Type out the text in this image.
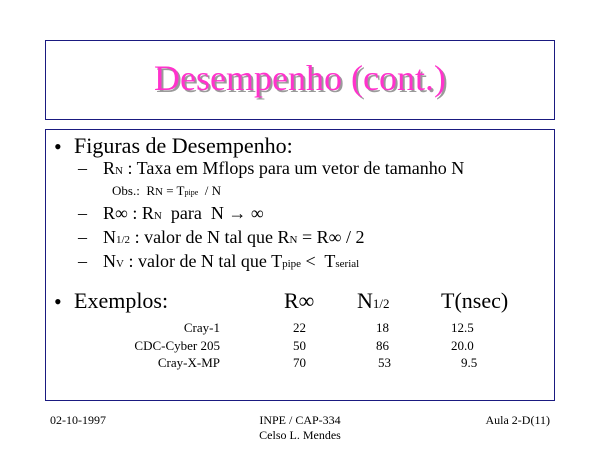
Desempenho (cont.)
• Figuras de Desempenho:
– RN : Taxa em Mflops para um vetor de tamanho N
Obs.: RN = Tpipe / N
– R∞ : RN para N → ∞
– N1/2 : valor de N tal que RN = R∞ / 2
– NV : valor de N tal que Tpipe < Tserial
• Exemplos:	R∞ N1/2 T(nsec)
Cray-1	22	18	12.5
CDC-Cyber 205	50	86	20.0
Cray-X-MP	70	53	9.5
02-10-1997	INPE / CAP-334
Celso L. Mendes
Aula 2-D(11)
